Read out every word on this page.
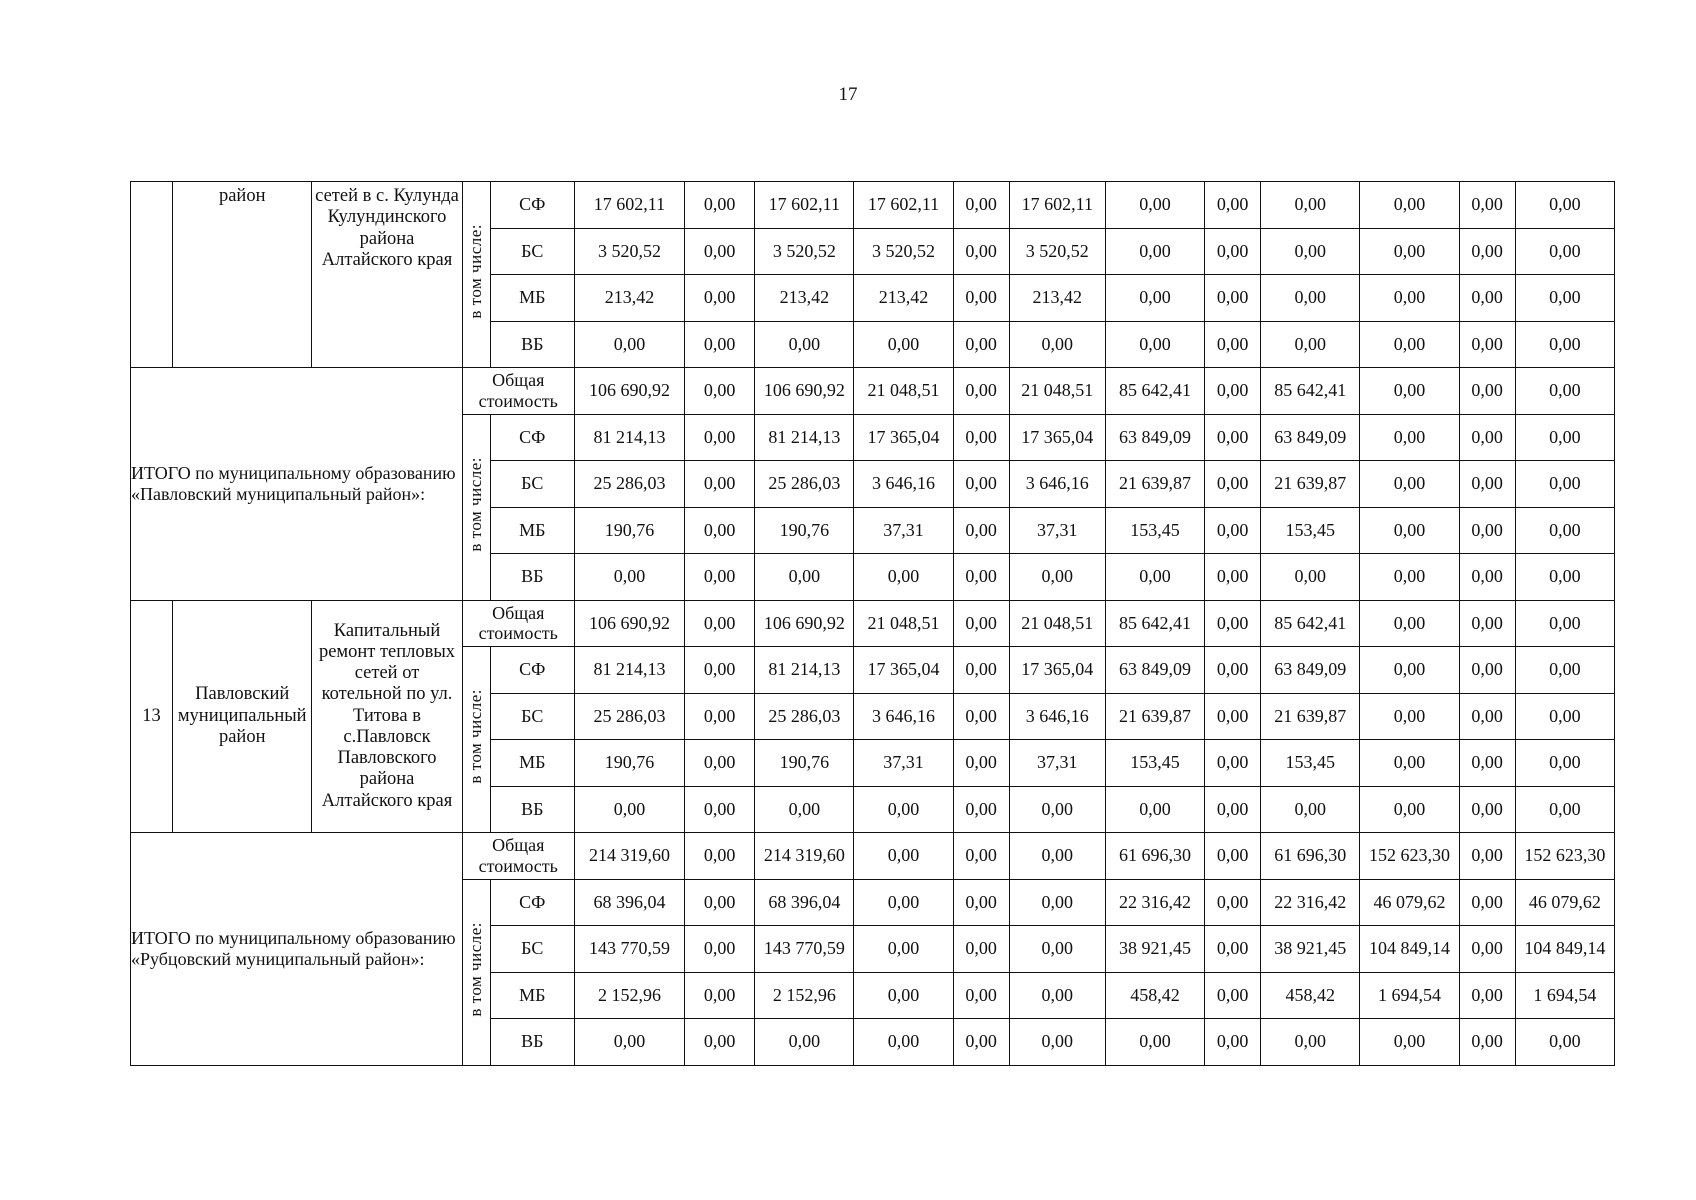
17
	район	сетей в с. Кулунда Кулундинского района Алтайского края	в том числе:	СФ	17 602,11	0,00	17 602,11	17 602,11	0,00	17 602,11	0,00	0,00	0,00	0,00	0,00	0,00
				БС	3 520,52	0,00	3 520,52	3 520,52	0,00	3 520,52	0,00	0,00	0,00	0,00	0,00	0,00
				МБ	213,42	0,00	213,42	213,42	0,00	213,42	0,00	0,00	0,00	0,00	0,00	0,00
				ВБ	0,00	0,00	0,00	0,00	0,00	0,00	0,00	0,00	0,00	0,00	0,00	0,00
ИТОГО по муниципальному образованию «Павловский муниципальный район»:			Общая стоимость		106 690,92	0,00	106 690,92	21 048,51	0,00	21 048,51	85 642,41	0,00	85 642,41	0,00	0,00	0,00
			в том числе:	СФ	81 214,13	0,00	81 214,13	17 365,04	0,00	17 365,04	63 849,09	0,00	63 849,09	0,00	0,00	0,00
				БС	25 286,03	0,00	25 286,03	3 646,16	0,00	3 646,16	21 639,87	0,00	21 639,87	0,00	0,00	0,00
				МБ	190,76	0,00	190,76	37,31	0,00	37,31	153,45	0,00	153,45	0,00	0,00	0,00
				ВБ	0,00	0,00	0,00	0,00	0,00	0,00	0,00	0,00	0,00	0,00	0,00	0,00
13	Павловский муниципальный район	Капитальный ремонт тепловых сетей от котельной по ул. Титова в с.Павловск Павловского района Алтайского края	Общая стоимость		106 690,92	0,00	106 690,92	21 048,51	0,00	21 048,51	85 642,41	0,00	85 642,41	0,00	0,00	0,00
			в том числе:	СФ	81 214,13	0,00	81 214,13	17 365,04	0,00	17 365,04	63 849,09	0,00	63 849,09	0,00	0,00	0,00
				БС	25 286,03	0,00	25 286,03	3 646,16	0,00	3 646,16	21 639,87	0,00	21 639,87	0,00	0,00	0,00
				МБ	190,76	0,00	190,76	37,31	0,00	37,31	153,45	0,00	153,45	0,00	0,00	0,00
				ВБ	0,00	0,00	0,00	0,00	0,00	0,00	0,00	0,00	0,00	0,00	0,00	0,00
ИТОГО по муниципальному образованию «Рубцовский муниципальный район»:			Общая стоимость		214 319,60	0,00	214 319,60	0,00	0,00	0,00	61 696,30	0,00	61 696,30	152 623,30	0,00	152 623,30
			в том числе:	СФ	68 396,04	0,00	68 396,04	0,00	0,00	0,00	22 316,42	0,00	22 316,42	46 079,62	0,00	46 079,62
				БС	143 770,59	0,00	143 770,59	0,00	0,00	0,00	38 921,45	0,00	38 921,45	104 849,14	0,00	104 849,14
				МБ	2 152,96	0,00	2 152,96	0,00	0,00	0,00	458,42	0,00	458,42	1 694,54	0,00	1 694,54
				ВБ	0,00	0,00	0,00	0,00	0,00	0,00	0,00	0,00	0,00	0,00	0,00	0,00
